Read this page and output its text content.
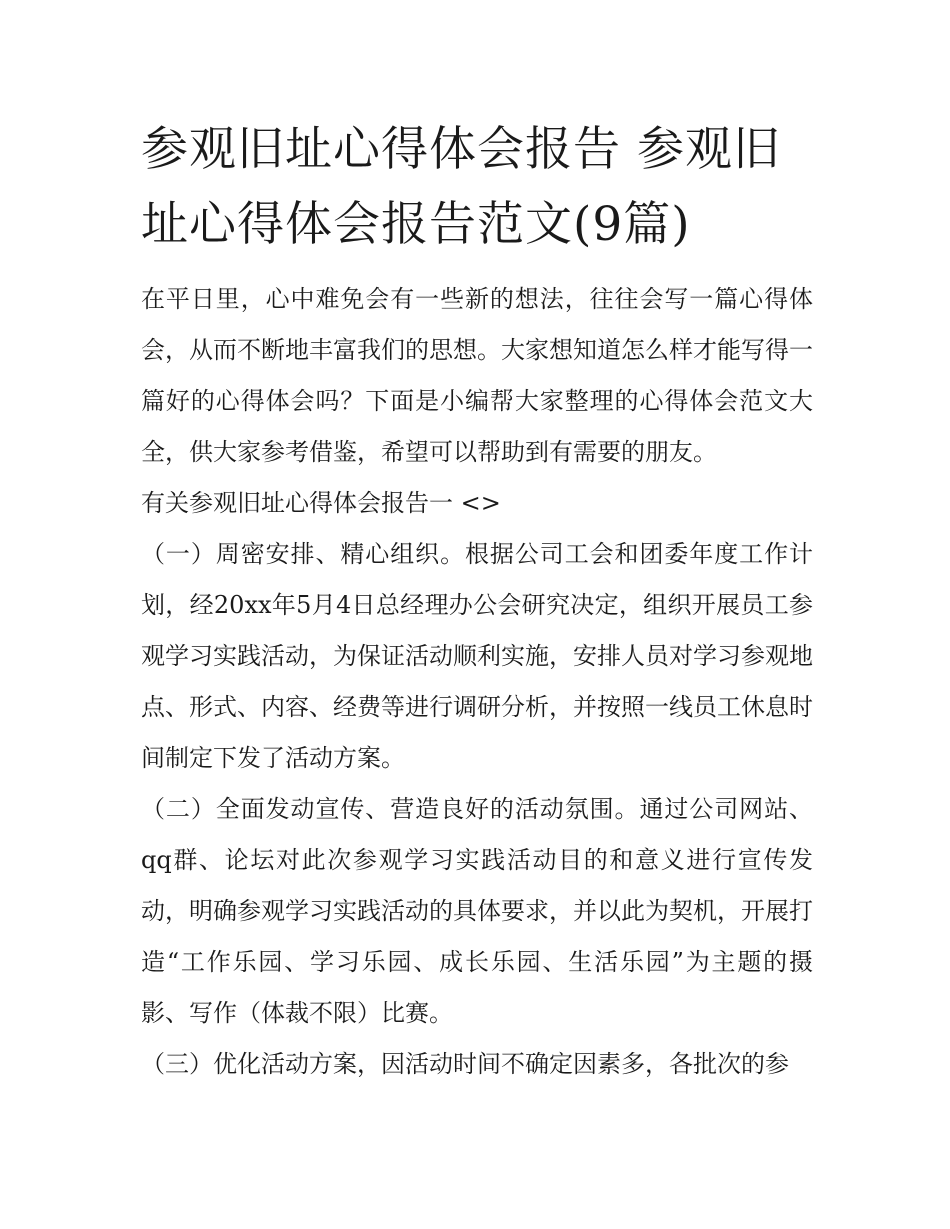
参观旧址心得体会报告 参观旧址心得体会报告范文(9篇)

在平日里，心中难免会有一些新的想法，往往会写一篇心得体会，从而不断地丰富我们的思想。大家想知道怎么样才能写得一篇好的心得体会吗？下面是小编帮大家整理的心得体会范文大全，供大家参考借鉴，希望可以帮助到有需要的朋友。

有关参观旧址心得体会报告一 <>

（一）周密安排、精心组织。根据公司工会和团委年度工作计划，经20xx年5月4日总经理办公会研究决定，组织开展员工参观学习实践活动，为保证活动顺利实施，安排人员对学习参观地点、形式、内容、经费等进行调研分析，并按照一线员工休息时间制定下发了活动方案。

（二）全面发动宣传、营造良好的活动氛围。通过公司网站、qq群、论坛对此次参观学习实践活动目的和意义进行宣传发动，明确参观学习实践活动的具体要求，并以此为契机，开展打造“工作乐园、学习乐园、成长乐园、生活乐园”为主题的摄影、写作（体裁不限）比赛。

（三）优化活动方案，因活动时间不确定因素多，各批次的参
